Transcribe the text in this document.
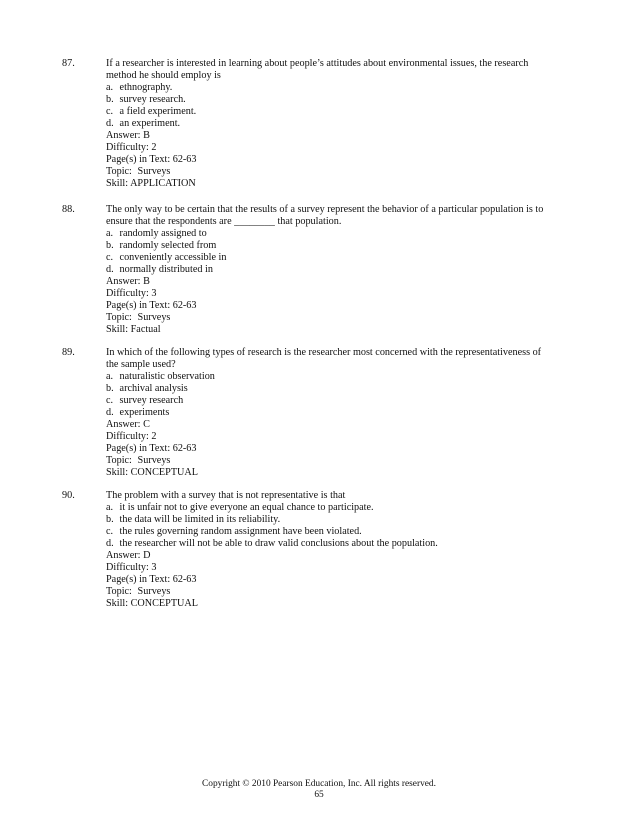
87.	If a researcher is interested in learning about people’s attitudes about environmental issues, the research
method he should employ is
a. ethnography.
b. survey research.
c. a field experiment.
d. an experiment.
Answer: B
Difficulty: 2
Page(s) in Text: 62-63
Topic: Surveys
Skill: APPLICATION
88.	The only way to be certain that the results of a survey represent the behavior of a particular population is to
ensure that the respondents are ________ that population.
a. randomly assigned to
b. randomly selected from
c. conveniently accessible in
d. normally distributed in
Answer: B
Difficulty: 3
Page(s) in Text: 62-63
Topic: Surveys
Skill: Factual
89.	In which of the following types of research is the researcher most concerned with the representativeness of
the sample used?
a. naturalistic observation
b. archival analysis
c. survey research
d. experiments
Answer: C
Difficulty: 2
Page(s) in Text: 62-63
Topic: Surveys
Skill: CONCEPTUAL
90.	The problem with a survey that is not representative is that
a. it is unfair not to give everyone an equal chance to participate.
b. the data will be limited in its reliability.
c. the rules governing random assignment have been violated.
d. the researcher will not be able to draw valid conclusions about the population.
Answer: D
Difficulty: 3
Page(s) in Text: 62-63
Topic: Surveys
Skill: CONCEPTUAL
Copyright © 2010 Pearson Education, Inc. All rights reserved.
65
